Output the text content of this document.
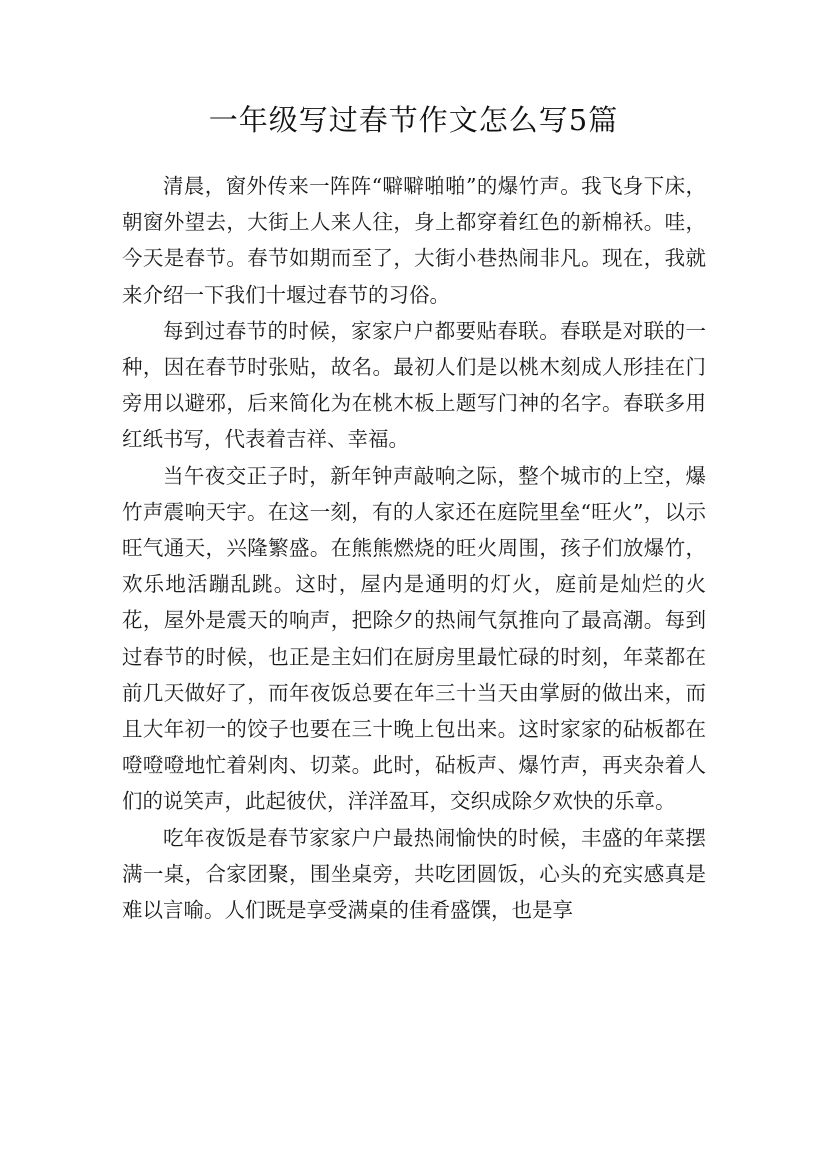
一年级写过春节作文怎么写5篇

清晨，窗外传来一阵阵“噼噼啪啪”的爆竹声。我飞身下床，朝窗外望去，大街上人来人往，身上都穿着红色的新棉袄。哇，今天是春节。春节如期而至了，大街小巷热闹非凡。现在，我就来介绍一下我们十堰过春节的习俗。

每到过春节的时候，家家户户都要贴春联。春联是对联的一种，因在春节时张贴，故名。最初人们是以桃木刻成人形挂在门旁用以避邪，后来简化为在桃木板上题写门神的名字。春联多用红纸书写，代表着吉祥、幸福。

当午夜交正子时，新年钟声敲响之际，整个城市的上空，爆竹声震响天宇。在这一刻，有的人家还在庭院里垒“旺火”，以示旺气通天，兴隆繁盛。在熊熊燃烧的旺火周围，孩子们放爆竹，欢乐地活蹦乱跳。这时，屋内是通明的灯火，庭前是灿烂的火花，屋外是震天的响声，把除夕的热闹气氛推向了最高潮。每到过春节的时候，也正是主妇们在厨房里最忙碌的时刻，年菜都在前几天做好了，而年夜饭总要在年三十当天由掌厨的做出来，而且大年初一的饺子也要在三十晚上包出来。这时家家的砧板都在噔噔噔地忙着剁肉、切菜。此时，砧板声、爆竹声，再夹杂着人们的说笑声，此起彼伏，洋洋盈耳，交织成除夕欢快的乐章。

吃年夜饭是春节家家户户最热闹愉快的时候，丰盛的年菜摆满一桌，合家团聚，围坐桌旁，共吃团圆饭，心头的充实感真是难以言喻。人们既是享受满桌的佳肴盛馔，也是享
